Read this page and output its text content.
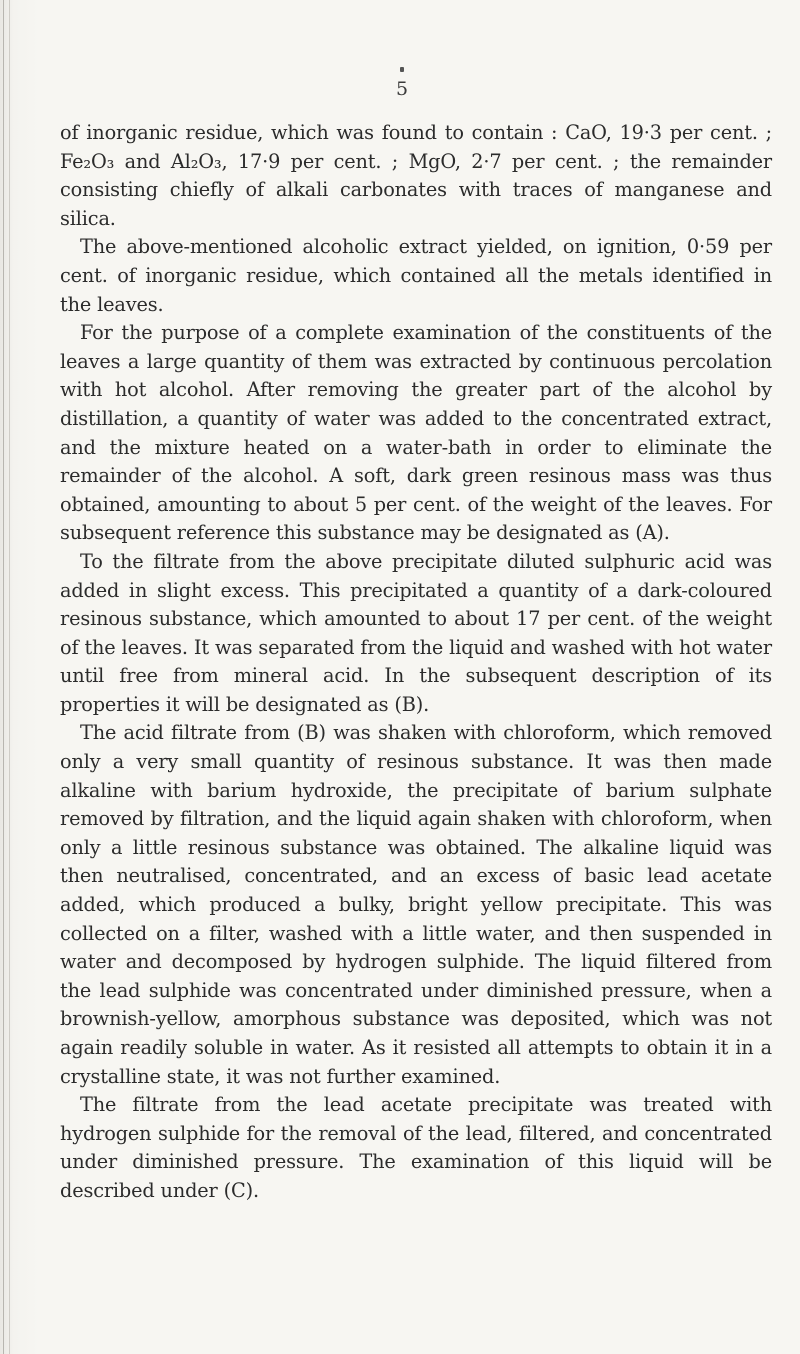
5

of inorganic residue, which was found to contain : CaO, 19·3 per cent. ; Fe₂O₃ and Al₂O₃, 17·9 per cent. ; MgO, 2·7 per cent. ; the remainder consisting chiefly of alkali carbonates with traces of manganese and silica.

The above-mentioned alcoholic extract yielded, on ignition, 0·59 per cent. of inorganic residue, which contained all the metals identified in the leaves.

For the purpose of a complete examination of the constituents of the leaves a large quantity of them was extracted by continuous percolation with hot alcohol. After removing the greater part of the alcohol by distillation, a quantity of water was added to the concentrated extract, and the mixture heated on a water-bath in order to eliminate the remainder of the alcohol. A soft, dark green resinous mass was thus obtained, amounting to about 5 per cent. of the weight of the leaves. For subsequent reference this substance may be designated as (A).

To the filtrate from the above precipitate diluted sulphuric acid was added in slight excess. This precipitated a quantity of a dark-coloured resinous substance, which amounted to about 17 per cent. of the weight of the leaves. It was separated from the liquid and washed with hot water until free from mineral acid. In the subsequent description of its properties it will be designated as (B).

The acid filtrate from (B) was shaken with chloroform, which removed only a very small quantity of resinous substance. It was then made alkaline with barium hydroxide, the precipitate of barium sulphate removed by filtration, and the liquid again shaken with chloroform, when only a little resinous substance was obtained. The alkaline liquid was then neutralised, concentrated, and an excess of basic lead acetate added, which produced a bulky, bright yellow precipitate. This was collected on a filter, washed with a little water, and then suspended in water and decomposed by hydrogen sulphide. The liquid filtered from the lead sulphide was concentrated under diminished pressure, when a brownish-yellow, amorphous substance was deposited, which was not again readily soluble in water. As it resisted all attempts to obtain it in a crystalline state, it was not further examined.

The filtrate from the lead acetate precipitate was treated with hydrogen sulphide for the removal of the lead, filtered, and concentrated under diminished pressure. The examination of this liquid will be described under (C).
